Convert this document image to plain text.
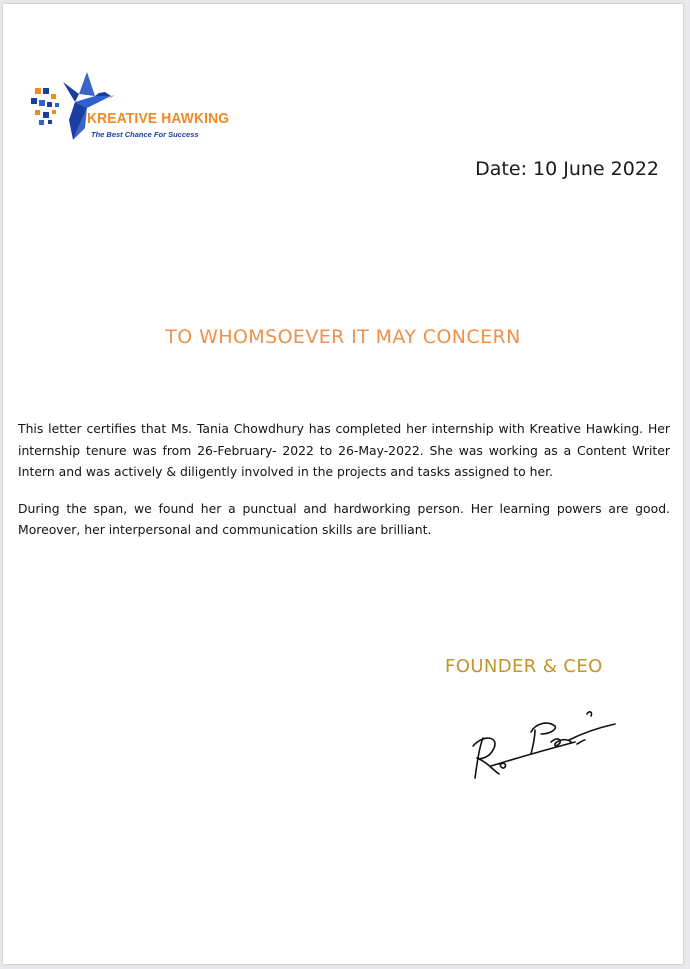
KREATIVE HAWKING
The Best Chance For Success
Date: 10 June 2022
TO WHOMSOEVER IT MAY CONCERN

This letter certifies that Ms. Tania Chowdhury has completed her internship with Kreative Hawking. Her internship tenure was from 26-February- 2022 to 26-May-2022. She was working as a Content Writer Intern and was actively & diligently involved in the projects and tasks assigned to her.

During the span, we found her a punctual and hardworking person. Her learning powers are good. Moreover, her interpersonal and communication skills are brilliant.

FOUNDER & CEO
